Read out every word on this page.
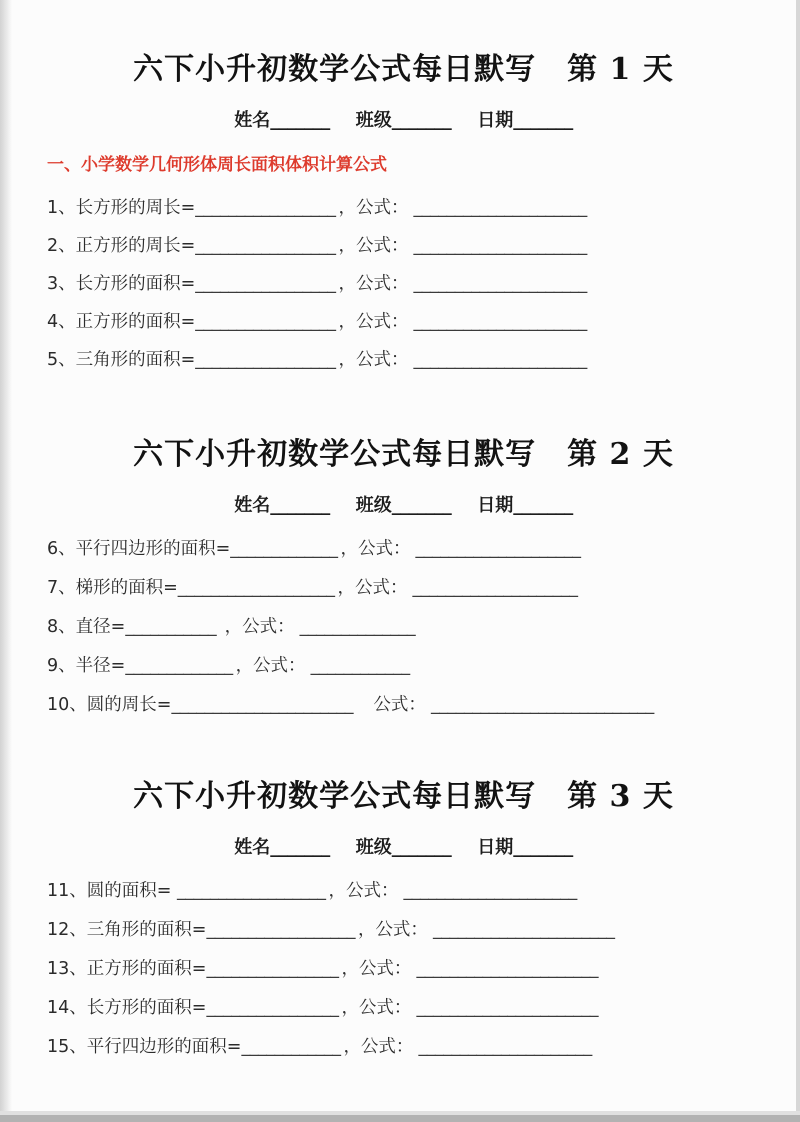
六下小升初数学公式每日默写　第 1 天
姓名_______ 班级_______ 日期_______
一、小学数学几何形体周长面积体积计算公式
1、长方形的周长=_________________ ，公式： _____________________
2、正方形的周长=_________________ ，公式： _____________________
3、长方形的面积=_________________ ，公式： _____________________
4、正方形的面积=_________________ ，公式： _____________________
5、三角形的面积=_________________ ，公式： _____________________
六下小升初数学公式每日默写　第 2 天
姓名_______ 班级_______ 日期_______
6、平行四边形的面积=_____________ ，公式： ____________________
7、梯形的面积=___________________ ，公式： ____________________
8、直径=___________ ，公式： ______________
9、半径=_____________ ，公式： ____________
10、圆的周长=______________________　公式： ___________________________
六下小升初数学公式每日默写　第 3 天
姓名_______ 班级_______ 日期_______
11、圆的面积= __________________ ，公式： _____________________
12、三角形的面积=__________________ ，公式： ______________________
13、正方形的面积=________________ ，公式： ______________________
14、长方形的面积=________________ ，公式： ______________________
15、平行四边形的面积=____________ ，公式： _____________________
